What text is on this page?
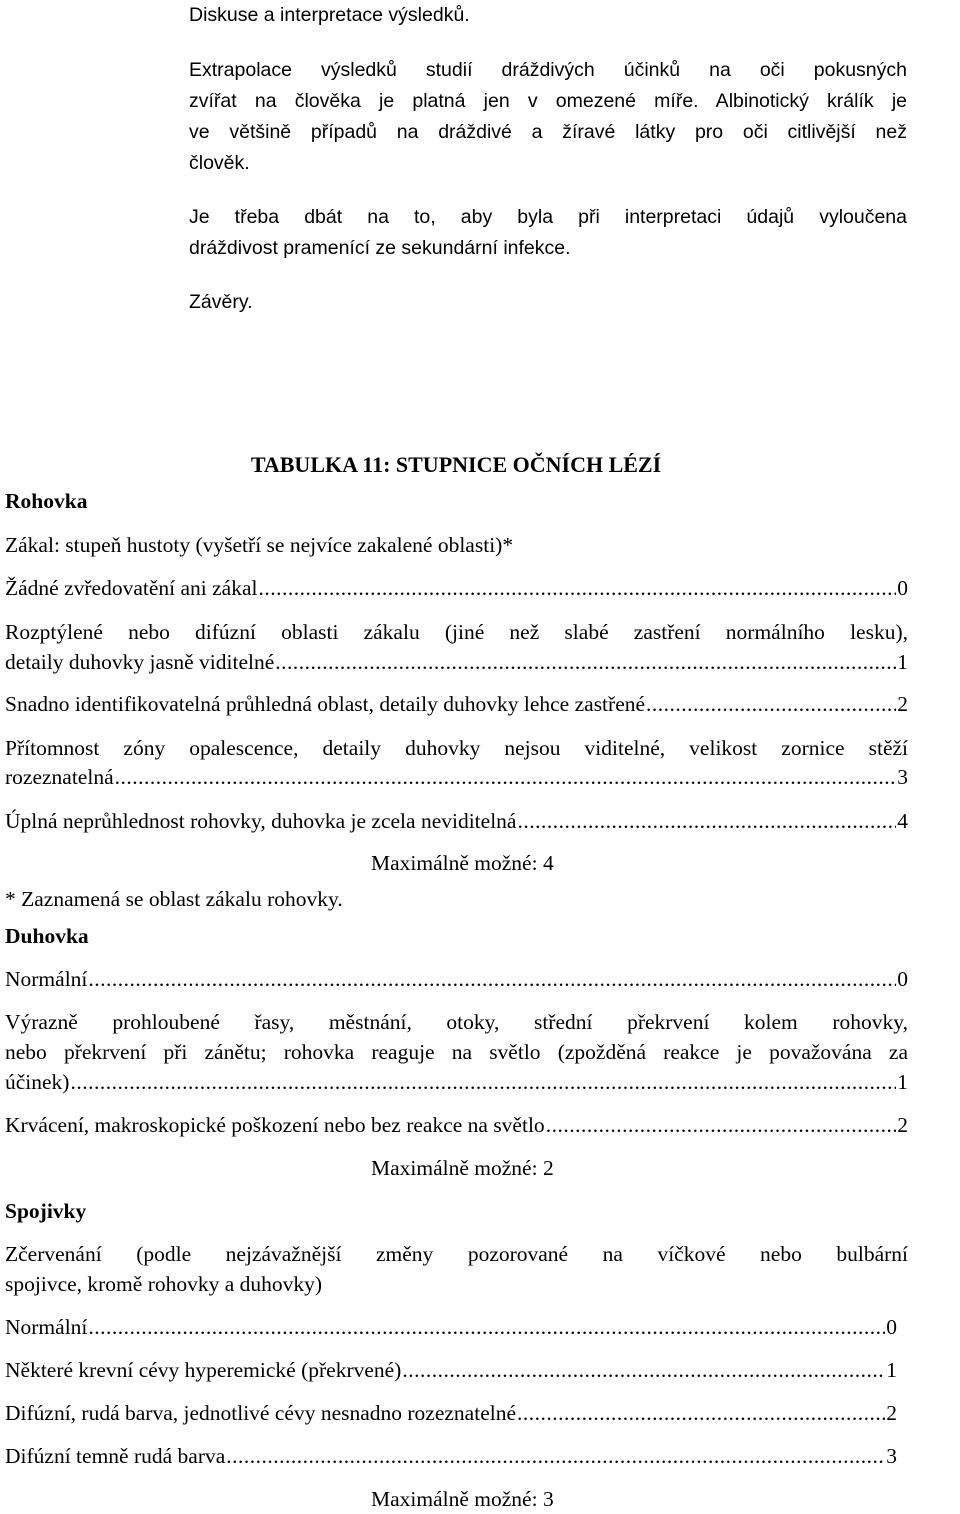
Diskuse a interpretace výsledků.
Extrapolace výsledků studií dráždivých účinků na oči pokusných
zvířat na člověka je platná jen v omezené míře. Albinotický králík je
ve většině případů na dráždivé a žíravé látky pro oči citlivější než
člověk.
Je třeba dbát na to, aby byla při interpretaci údajů vyloučena
dráždivost pramenící ze sekundární infekce.
Závěry.
TABULKA 11: STUPNICE OČNÍCH LÉZÍ
Rohovka
Zákal: stupeň hustoty (vyšetří se nejvíce zakalené oblasti)*
Žádné zvředovatění ani zákal .....	0
Rozptýlené nebo difúzní oblasti zákalu (jiné než slabé zastření normálního lesku),
detaily duhovky jasně viditelné .....	1
Snadno identifikovatelná průhledná oblast, detaily duhovky lehce zastřené .....	2
Přítomnost zóny opalescence, detaily duhovky nejsou viditelné, velikost zornice stěží
rozeznatelná .....	3
Úplná neprůhlednost rohovky, duhovka je zcela neviditelná .....	4
Maximálně možné: 4
* Zaznamená se oblast zákalu rohovky.
Duhovka
Normální .....	0
Výrazně prohloubené řasy, městnání, otoky, střední překrvení kolem rohovky,
nebo překrvení při zánětu; rohovka reaguje na světlo (zpožděná reakce je považována za
účinek) .....	1
Krvácení, makroskopické poškození nebo bez reakce na světlo .....	2
Maximálně možné: 2
Spojivky
Zčervenání (podle nejzávažnější změny pozorované na víčkové nebo bulbární
spojivce, kromě rohovky a duhovky)
Normální .....	0
Některé krevní cévy hyperemické (překrvené) .....	1
Difúzní, rudá barva, jednotlivé cévy nesnadno rozeznatelné .....	2
Difúzní temně rudá barva .....	3
Maximálně možné: 3
